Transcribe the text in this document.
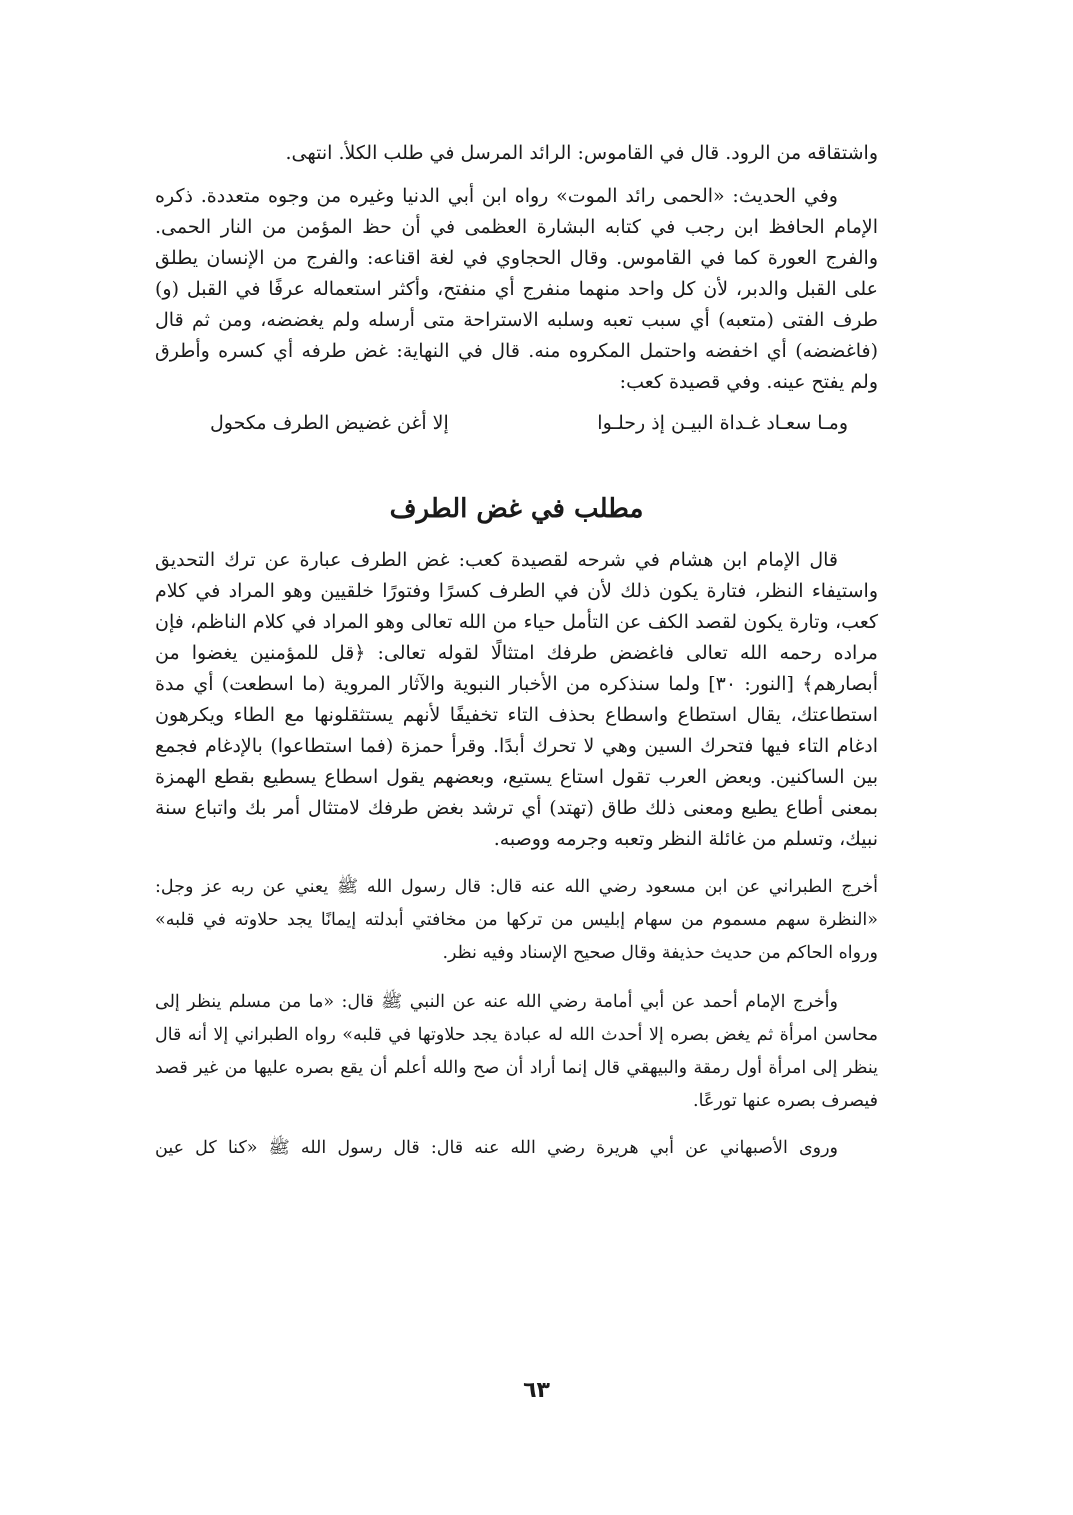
واشتقاقه من الرود. قال في القاموس: الرائد المرسل في طلب الكلأ. انتهى.

وفي الحديث: «الحمى رائد الموت» رواه ابن أبي الدنيا وغيره من وجوه متعددة. ذكره الإمام الحافظ ابن رجب في كتابه البشارة العظمى في أن حظ المؤمن من النار الحمى. والفرج العورة كما في القاموس. وقال الحجاوي في لغة اقناعه: والفرج من الإنسان يطلق على القبل والدبر، لأن كل واحد منهما منفرج أي منفتح، وأكثر استعماله عرفًا في القبل (و) طرف الفتى (متعبه) أي سبب تعبه وسلبه الاستراحة متى أرسله ولم يغضضه، ومن ثم قال (فاغضضه) أي اخفضه واحتمل المكروه منه. قال في النهاية: غض طرفه أي كسره وأطرق ولم يفتح عينه. وفي قصيدة كعب:

ومـا سعـاد غـداة البيـن إذ رحلـوا
إلا أغن غضيض الطرف مكحول
مطلب في غض الطرف

قال الإمام ابن هشام في شرحه لقصيدة كعب: غض الطرف عبارة عن ترك التحديق واستيفاء النظر، فتارة يكون ذلك لأن في الطرف كسرًا وفتورًا خلقيين وهو المراد في كلام كعب، وتارة يكون لقصد الكف عن التأمل حياء من الله تعالى وهو المراد في كلام الناظم، فإن مراده رحمه الله تعالى فاغضض طرفك امتثالًا لقوله تعالى: ﴿قل للمؤمنين يغضوا من أبصارهم﴾ [النور: ٣٠] ولما سنذكره من الأخبار النبوية والآثار المروية (ما اسطعت) أي مدة استطاعتك، يقال استطاع واسطاع بحذف التاء تخفيفًا لأنهم يستثقلونها مع الطاء ويكرهون ادغام التاء فيها فتحرك السين وهي لا تحرك أبدًا. وقرأ حمزة (فما استطاعوا) بالإدغام فجمع بين الساكنين. وبعض العرب تقول استاع يستيع، وبعضهم يقول اسطاع يسطيع بقطع الهمزة بمعنى أطاع يطيع ومعنى ذلك طاق (تهتد) أي ترشد بغض طرفك لامتثال أمر بك واتباع سنة نبيك، وتسلم من غائلة النظر وتعبه وجرمه ووصبه.

أخرج الطبراني عن ابن مسعود رضي الله عنه قال: قال رسول الله ﷺ يعني عن ربه عز وجل: «النظرة سهم مسموم من سهام إبليس من تركها من مخافتي أبدلته إيمانًا يجد حلاوته في قلبه» ورواه الحاكم من حديث حذيفة وقال صحيح الإسناد وفيه نظر.

وأخرج الإمام أحمد عن أبي أمامة رضي الله عنه عن النبي ﷺ قال: «ما من مسلم ينظر إلى محاسن امرأة ثم يغض بصره إلا أحدث الله له عبادة يجد حلاوتها في قلبه» رواه الطبراني إلا أنه قال ينظر إلى امرأة أول رمقة والبيهقي قال إنما أراد أن صح والله أعلم أن يقع بصره عليها من غير قصد فيصرف بصره عنها تورعًا.

وروى الأصبهاني عن أبي هريرة رضي الله عنه قال: قال رسول الله ﷺ «كنا كل عين

٦٣
